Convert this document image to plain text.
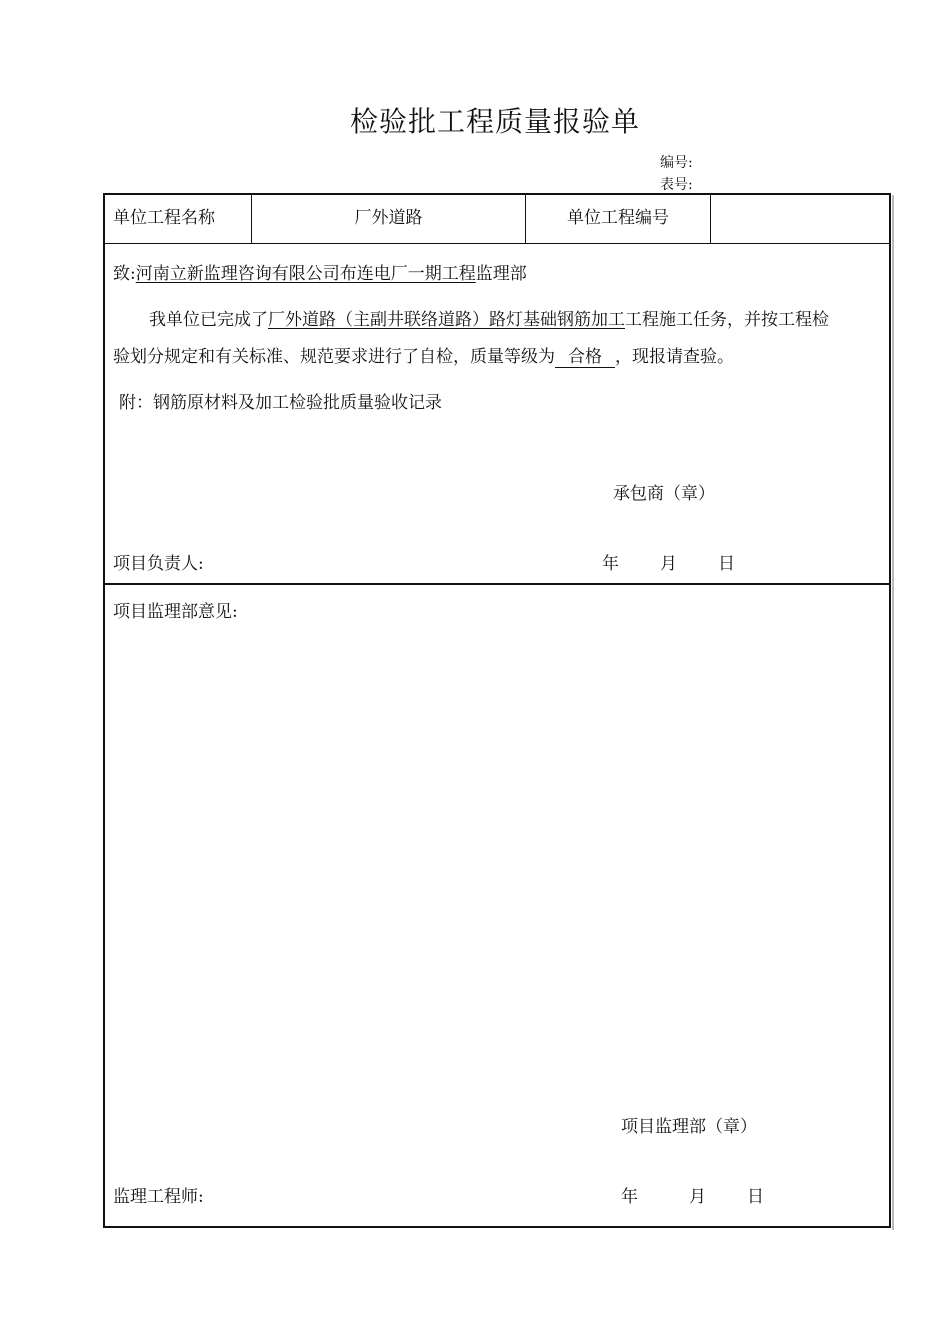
检验批工程质量报验单
编号:
表号:
单位工程名称	厂外道路	单位工程编号
致:河南立新监理咨询有限公司布连电厂一期工程监理部
我单位已完成了厂外道路（主副井联络道路）路灯基础钢筋加工工程施工任务，并按工程检
验划分规定和有关标准、规范要求进行了自检，质量等级为 合格 ，现报请查验。
附：钢筋原材料及加工检验批质量验收记录
承包商（章）
项目负责人:	年 月 日
项目监理部意见:
项目监理部（章）
监理工程师:	年	月 日
